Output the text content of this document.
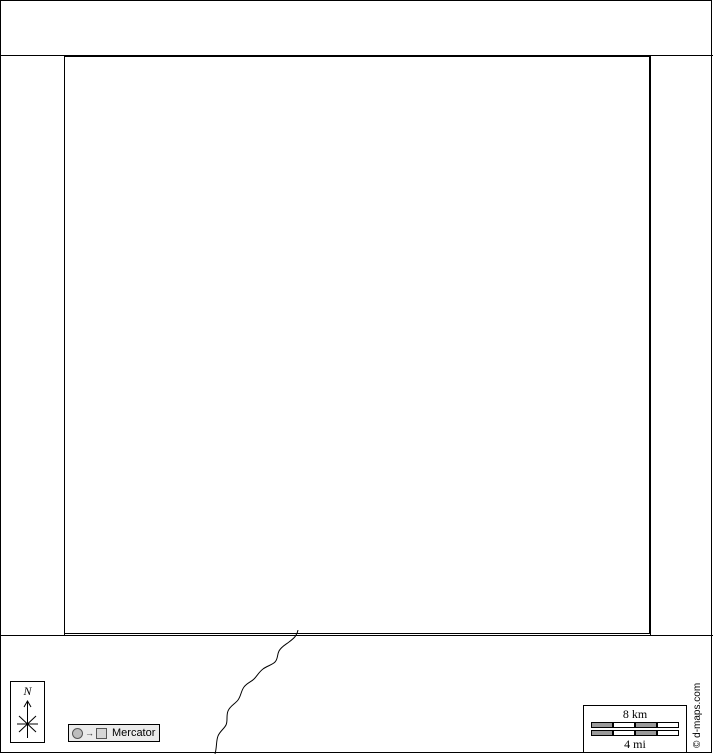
N
→ Mercator
8 km
4 mi	© d-maps.com
